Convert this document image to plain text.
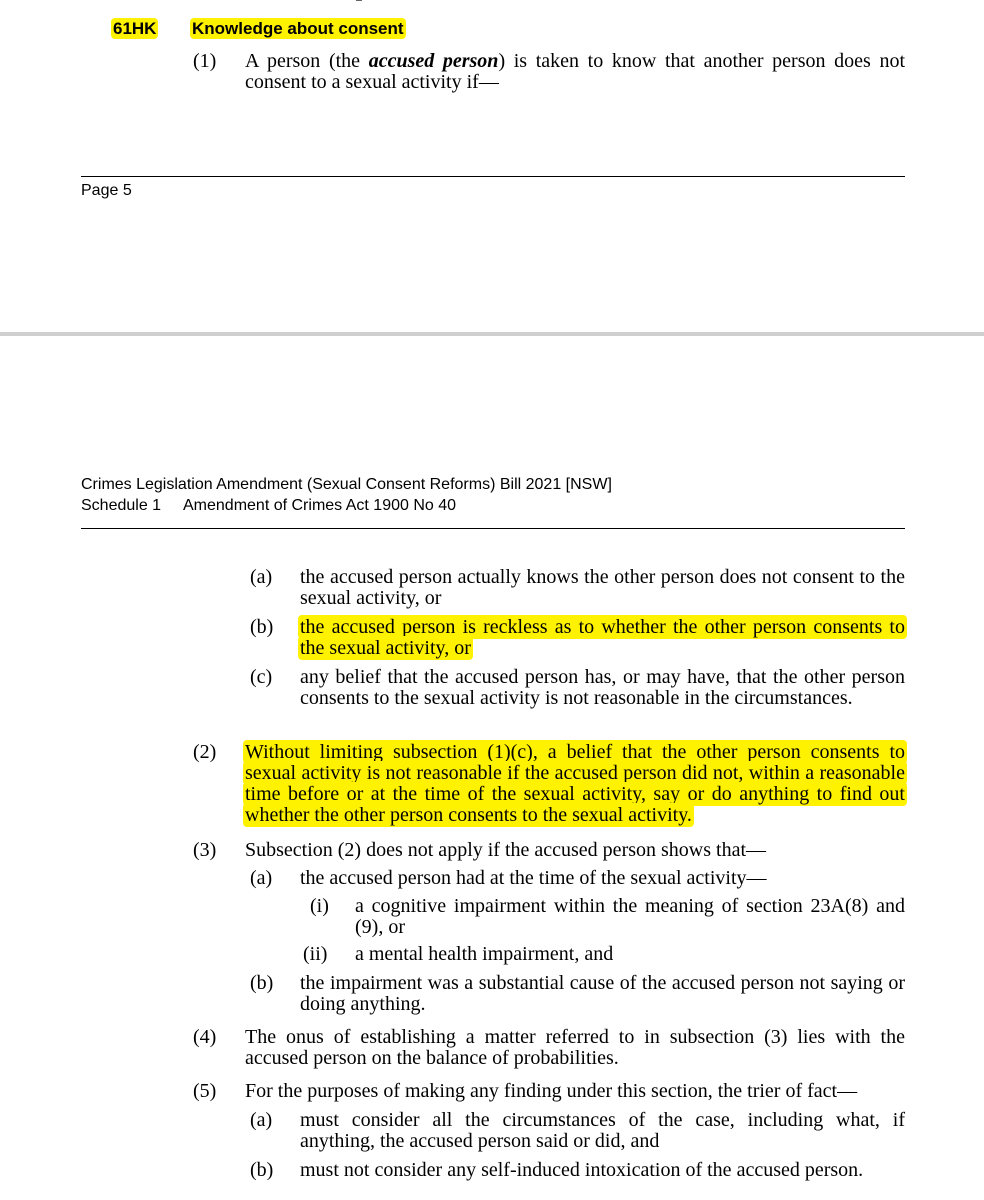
61HK Knowledge about consent
(1) A person (the accused person) is taken to know that another person does not consent to a sexual activity if—
Page 5
Crimes Legislation Amendment (Sexual Consent Reforms) Bill 2021 [NSW]
Schedule 1 Amendment of Crimes Act 1900 No 40
(a) the accused person actually knows the other person does not consent to the sexual activity, or
(b) the accused person is reckless as to whether the other person consents to the sexual activity, or
(c) any belief that the accused person has, or may have, that the other person consents to the sexual activity is not reasonable in the circumstances.
(2) Without limiting subsection (1)(c), a belief that the other person consents to sexual activity is not reasonable if the accused person did not, within a reasonable time before or at the time of the sexual activity, say or do anything to find out whether the other person consents to the sexual activity.
(3) Subsection (2) does not apply if the accused person shows that—
(a) the accused person had at the time of the sexual activity—
(i) a cognitive impairment within the meaning of section 23A(8) and (9), or
(ii) a mental health impairment, and
(b) the impairment was a substantial cause of the accused person not saying or doing anything.
(4) The onus of establishing a matter referred to in subsection (3) lies with the accused person on the balance of probabilities.
(5) For the purposes of making any finding under this section, the trier of fact—
(a) must consider all the circumstances of the case, including what, if anything, the accused person said or did, and
(b) must not consider any self-induced intoxication of the accused person.
